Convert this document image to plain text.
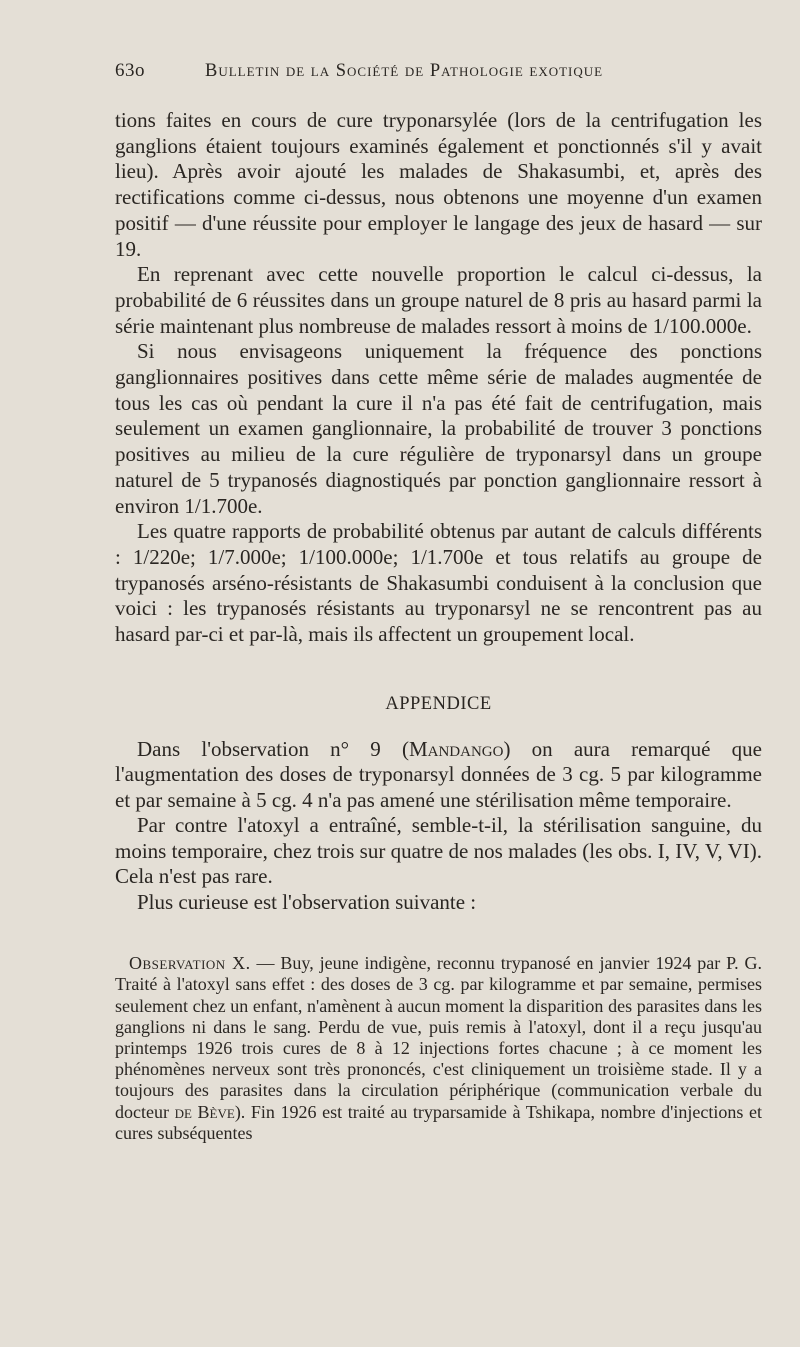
63o	Bulletin de la Société de Pathologie exotique

tions faites en cours de cure tryponarsylée (lors de la centrifugation les ganglions étaient toujours examinés également et ponctionnés s'il y avait lieu). Après avoir ajouté les malades de Shakasumbi, et, après des rectifications comme ci-dessus, nous obtenons une moyenne d'un examen positif — d'une réussite pour employer le langage des jeux de hasard — sur 19.

En reprenant avec cette nouvelle proportion le calcul ci-dessus, la probabilité de 6 réussites dans un groupe naturel de 8 pris au hasard parmi la série maintenant plus nombreuse de malades ressort à moins de 1/100.000e.

Si nous envisageons uniquement la fréquence des ponctions ganglionnaires positives dans cette même série de malades augmentée de tous les cas où pendant la cure il n'a pas été fait de centrifugation, mais seulement un examen ganglionnaire, la probabilité de trouver 3 ponctions positives au milieu de la cure régulière de tryponarsyl dans un groupe naturel de 5 trypanosés diagnostiqués par ponction ganglionnaire ressort à environ 1/1.700e.

Les quatre rapports de probabilité obtenus par autant de calculs différents : 1/220e; 1/7.000e; 1/100.000e; 1/1.700e et tous relatifs au groupe de trypanosés arséno-résistants de Shakasumbi conduisent à la conclusion que voici : les trypanosés résistants au tryponarsyl ne se rencontrent pas au hasard par-ci et par-là, mais ils affectent un groupement local.

APPENDICE

Dans l'observation n° 9 (Mandango) on aura remarqué que l'augmentation des doses de tryponarsyl données de 3 cg. 5 par kilogramme et par semaine à 5 cg. 4 n'a pas amené une stérilisation même temporaire.

Par contre l'atoxyl a entraîné, semble-t-il, la stérilisation sanguine, du moins temporaire, chez trois sur quatre de nos malades (les obs. I, IV, V, VI). Cela n'est pas rare.

Plus curieuse est l'observation suivante :

Observation X. — Buy, jeune indigène, reconnu trypanosé en janvier 1924 par P. G. Traité à l'atoxyl sans effet : des doses de 3 cg. par kilogramme et par semaine, permises seulement chez un enfant, n'amènent à aucun moment la disparition des parasites dans les ganglions ni dans le sang. Perdu de vue, puis remis à l'atoxyl, dont il a reçu jusqu'au printemps 1926 trois cures de 8 à 12 injections fortes chacune ; à ce moment les phénomènes nerveux sont très prononcés, c'est cliniquement un troisième stade. Il y a toujours des parasites dans la circulation périphérique (communication verbale du docteur de Bève). Fin 1926 est traité au tryparsamide à Tshikapa, nombre d'injections et cures subséquentes
